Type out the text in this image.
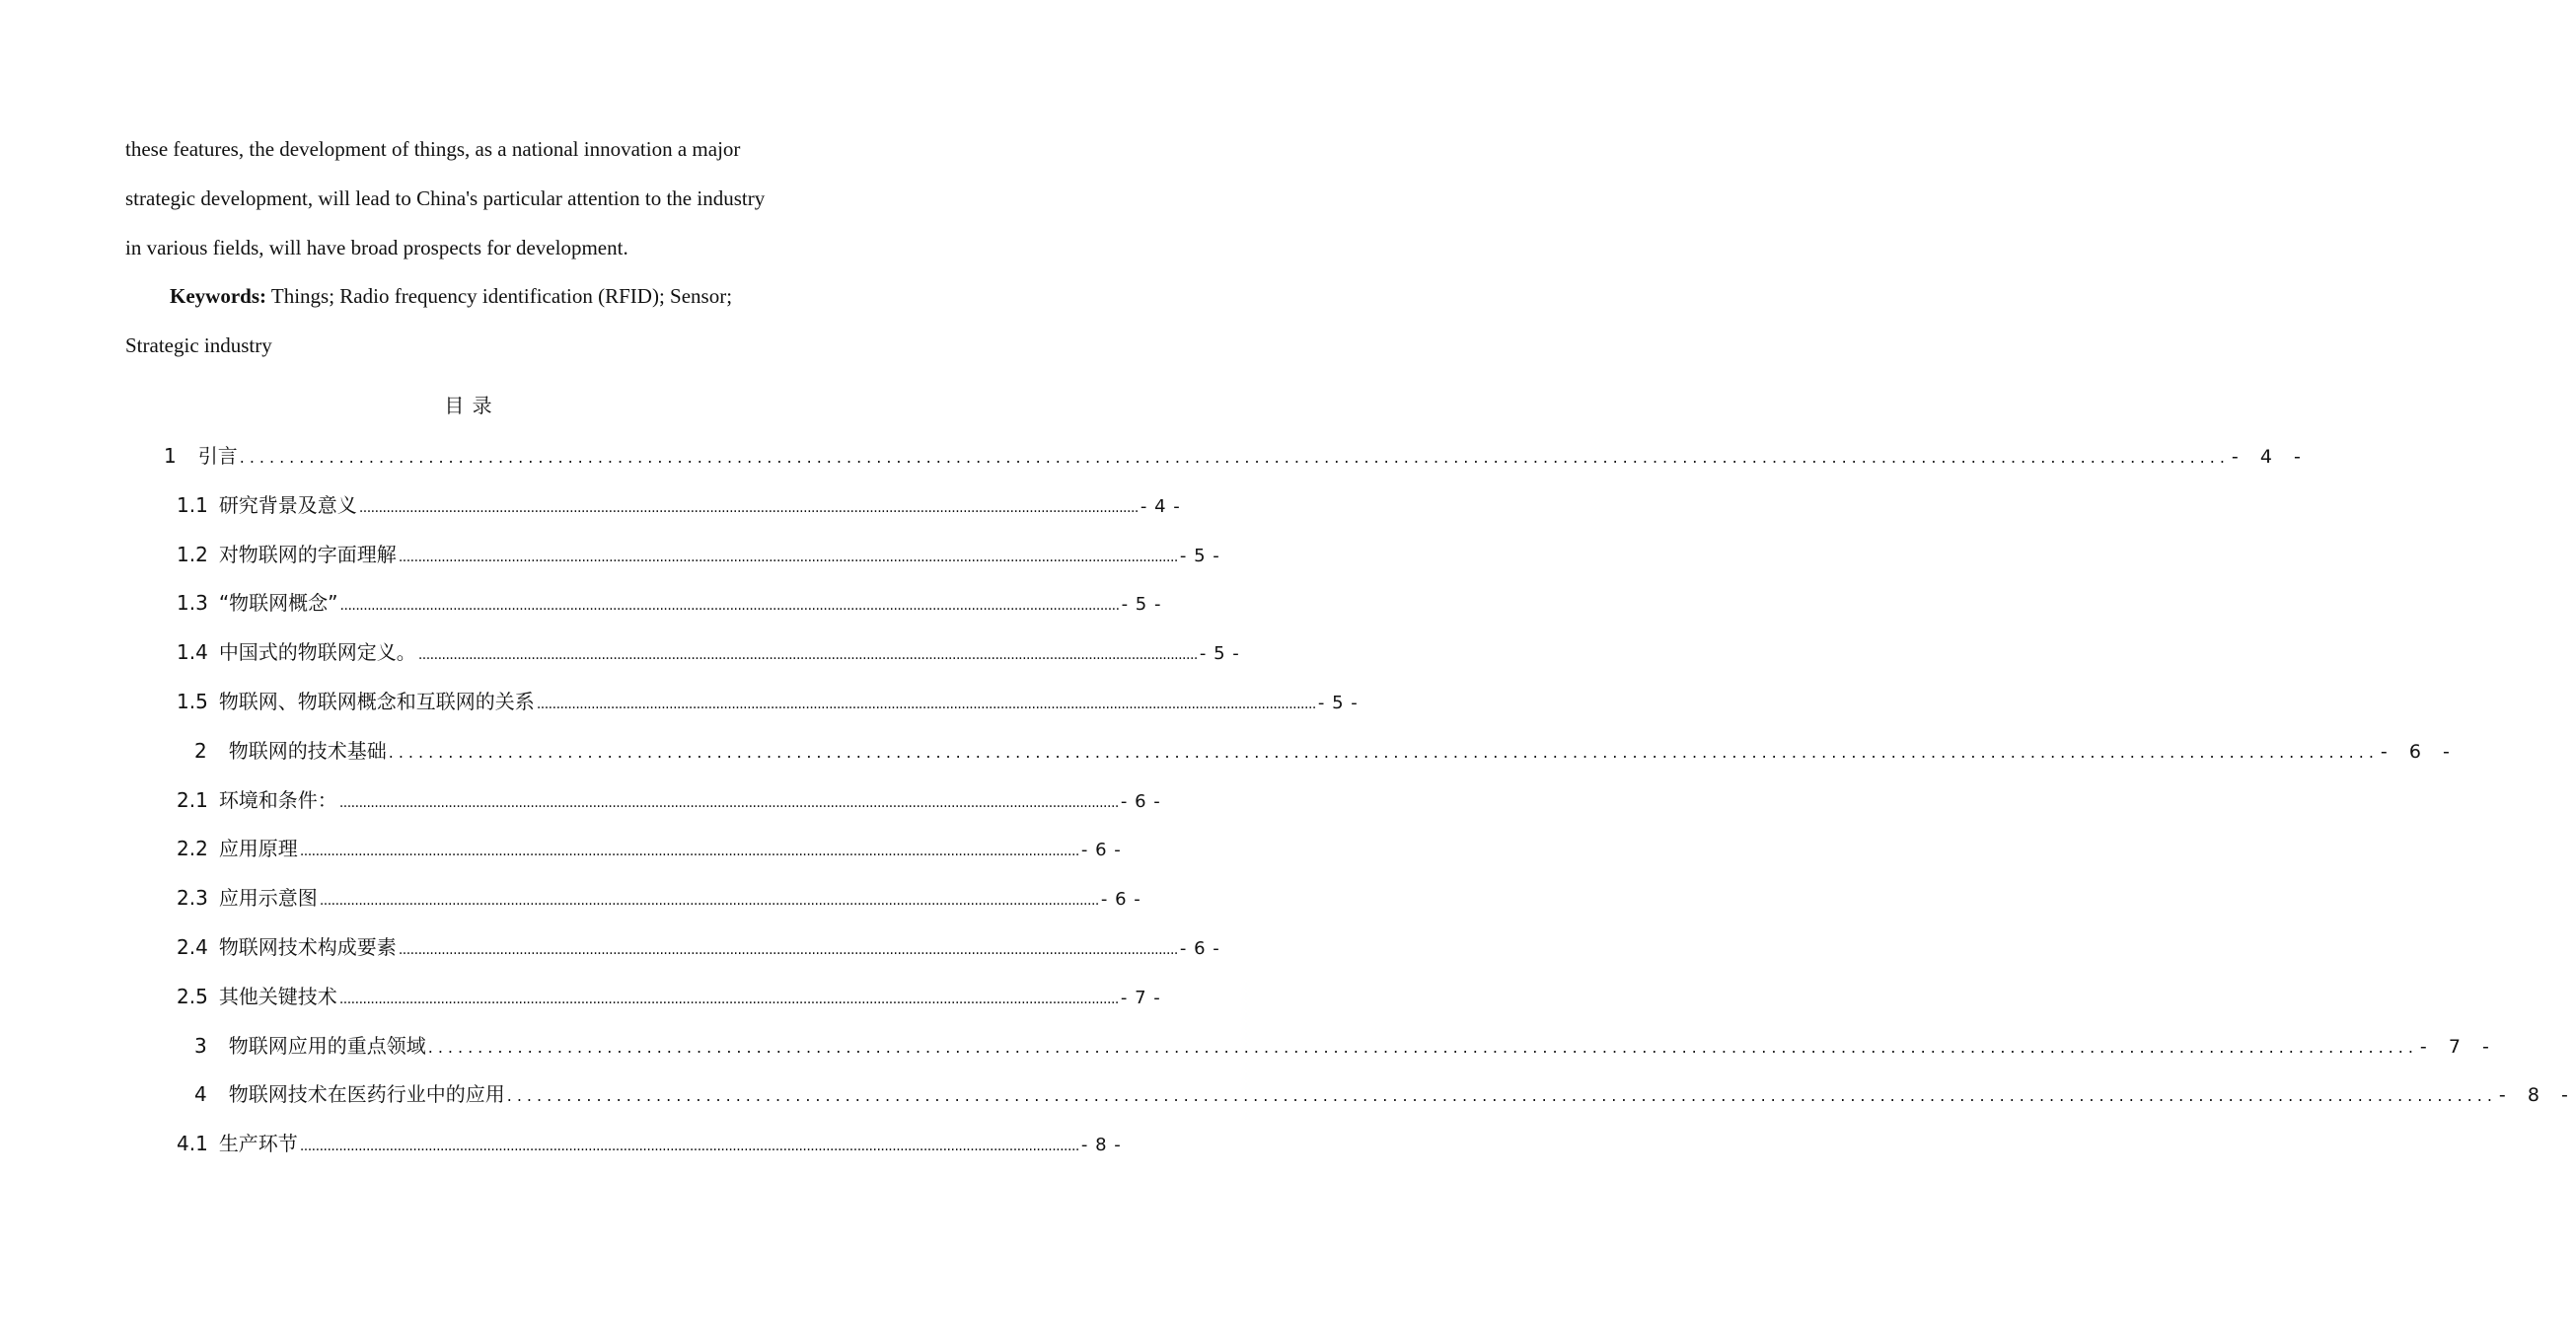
these features, the development of things, as a national innovation a major
strategic development, will lead to China's particular attention to the industry
in various fields, will have broad prospects for development.

Keywords: Things; Radio frequency identification (RFID); Sensor;
Strategic industry

目 录
1 引言 ........................................................................................................................................................................................................ - 4 -
1.1 研究背景及意义 ........................................................................................................................................................................................................ - 4 -
1.2 对物联网的字面理解 ........................................................................................................................................................................................................ - 5 -
1.3 “物联网概念” ........................................................................................................................................................................................................ - 5 -
1.4 中国式的物联网定义。 ........................................................................................................................................................................................................ - 5 -
1.5 物联网、物联网概念和互联网的关系 ........................................................................................................................................................................................................ - 5 -
2 物联网的技术基础 ........................................................................................................................................................................................................ - 6 -
2.1 环境和条件： ........................................................................................................................................................................................................ - 6 -
2.2 应用原理 ........................................................................................................................................................................................................ - 6 -
2.3 应用示意图 ........................................................................................................................................................................................................ - 6 -
2.4 物联网技术构成要素 ........................................................................................................................................................................................................ - 6 -
2.5 其他关键技术 ........................................................................................................................................................................................................ - 7 -
3 物联网应用的重点领域 ........................................................................................................................................................................................................ - 7 -
4 物联网技术在医药行业中的应用 ........................................................................................................................................................................................................ - 8 -
4.1 生产环节 ........................................................................................................................................................................................................ - 8 -
